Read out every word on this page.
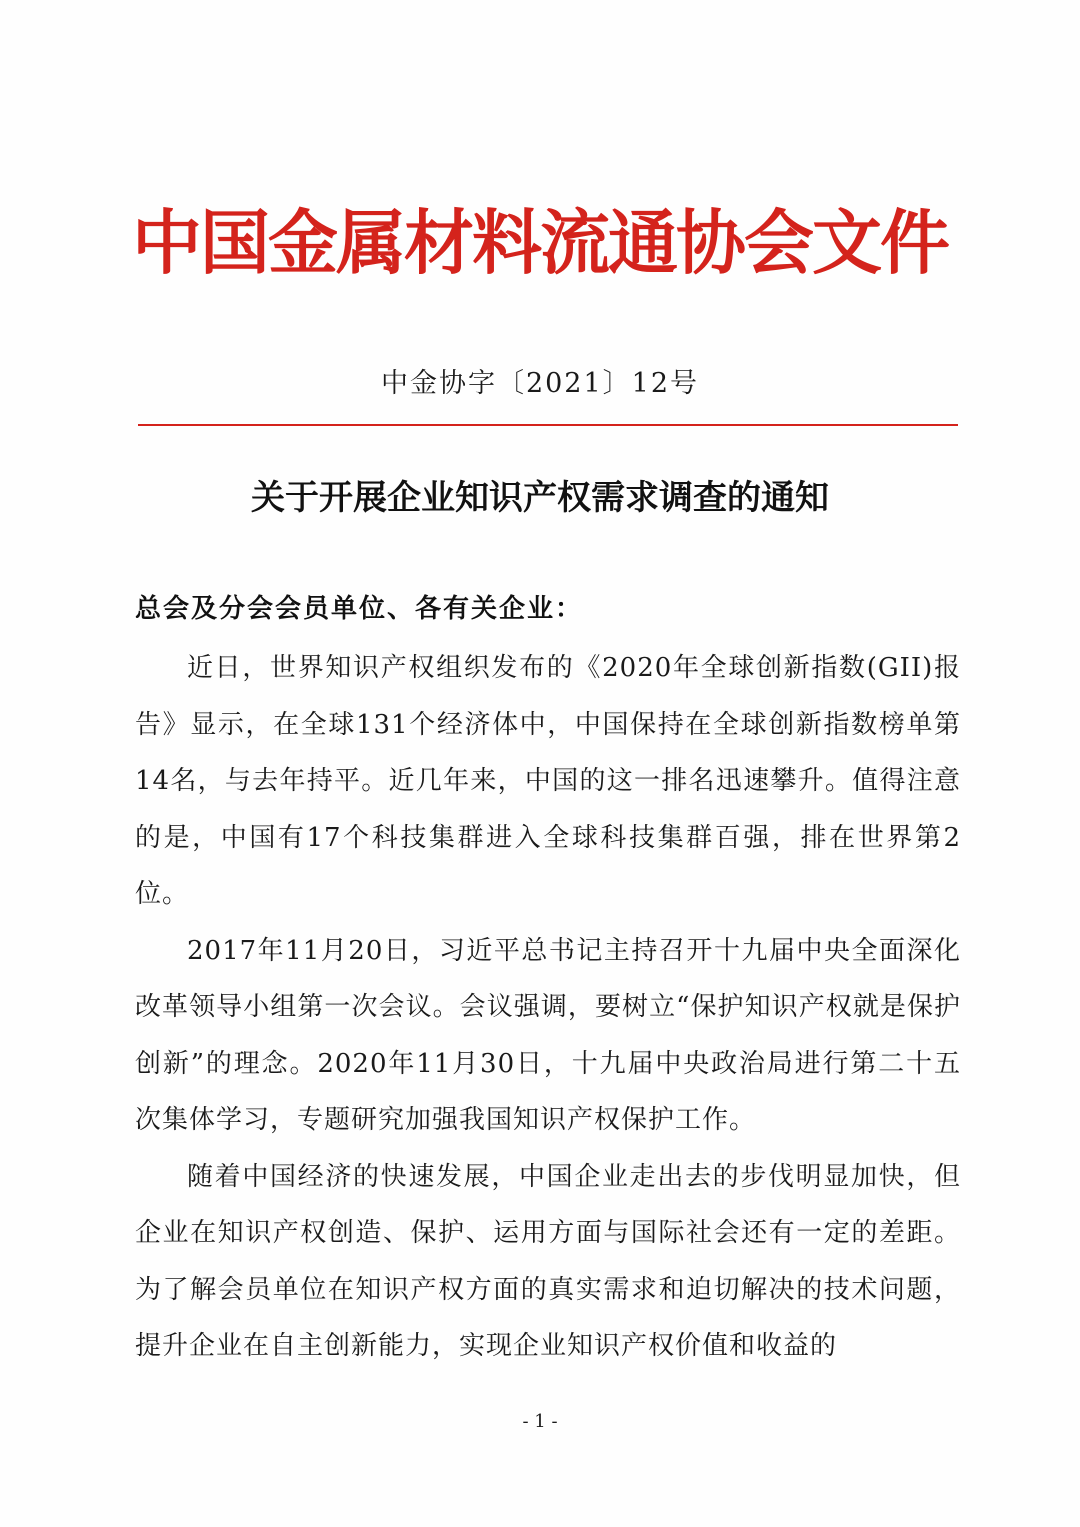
中国金属材料流通协会文件
中金协字〔2021〕12号
关于开展企业知识产权需求调查的通知
总会及分会会员单位、各有关企业：

近日，世界知识产权组织发布的《2020年全球创新指数(GII)报告》显示，在全球131个经济体中，中国保持在全球创新指数榜单第14名，与去年持平。近几年来，中国的这一排名迅速攀升。值得注意的是，中国有17个科技集群进入全球科技集群百强，排在世界第2位。

2017年11月20日，习近平总书记主持召开十九届中央全面深化改革领导小组第一次会议。会议强调，要树立“保护知识产权就是保护创新”的理念。2020年11月30日，十九届中央政治局进行第二十五次集体学习，专题研究加强我国知识产权保护工作。

随着中国经济的快速发展，中国企业走出去的步伐明显加快，但企业在知识产权创造、保护、运用方面与国际社会还有一定的差距。为了解会员单位在知识产权方面的真实需求和迫切解决的技术问题，提升企业在自主创新能力，实现企业知识产权价值和收益的

- 1 -
